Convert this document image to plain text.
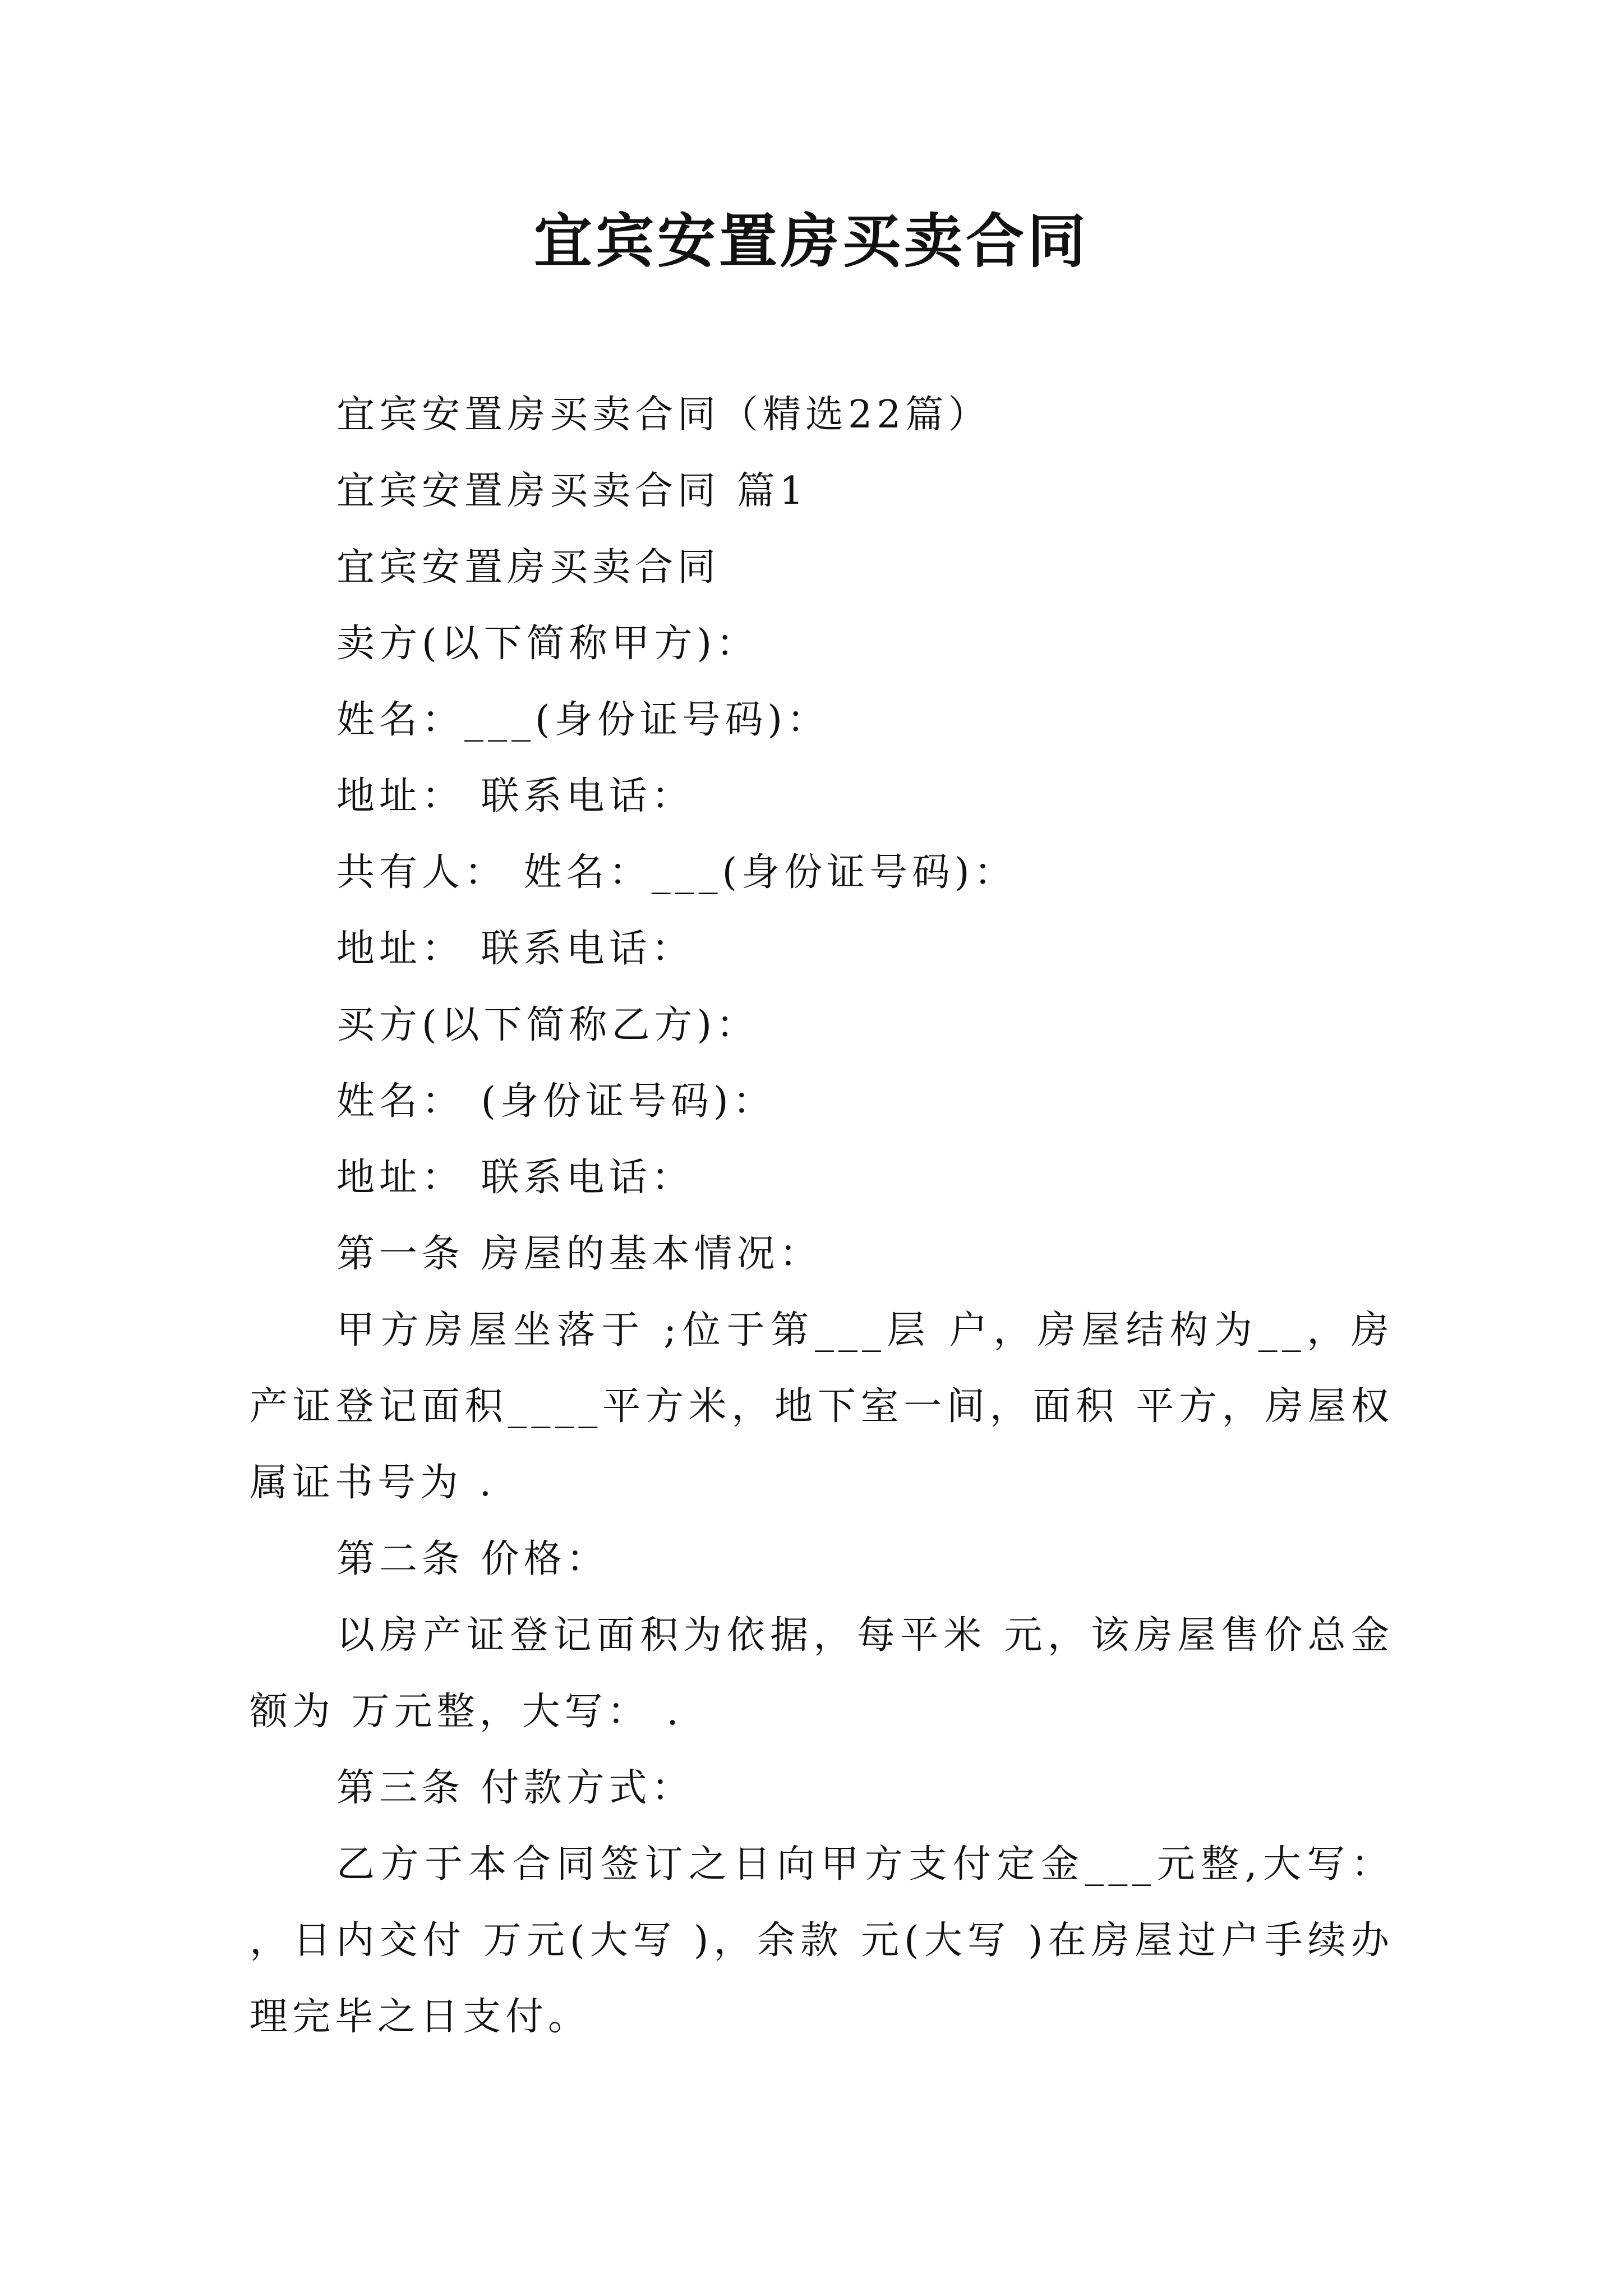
宜宾安置房买卖合同

宜宾安置房买卖合同（精选22篇）

宜宾安置房买卖合同 篇1

宜宾安置房买卖合同

卖方(以下简称甲方)：

姓名：___(身份证号码)：

地址： 联系电话：

共有人： 姓名：___(身份证号码)：

地址： 联系电话：

买方(以下简称乙方)：

姓名： (身份证号码)：

地址： 联系电话：

第一条 房屋的基本情况：

甲方房屋坐落于 ;位于第___层 户，房屋结构为__，房产证登记面积____平方米，地下室一间，面积 平方，房屋权属证书号为 .

第二条 价格：

以房产证登记面积为依据，每平米 元，该房屋售价总金额为 万元整，大写： .

第三条 付款方式：

乙方于本合同签订之日向甲方支付定金___元整,大写： ，日内交付 万元(大写 )，余款 元(大写 )在房屋过户手续办理完毕之日支付。
